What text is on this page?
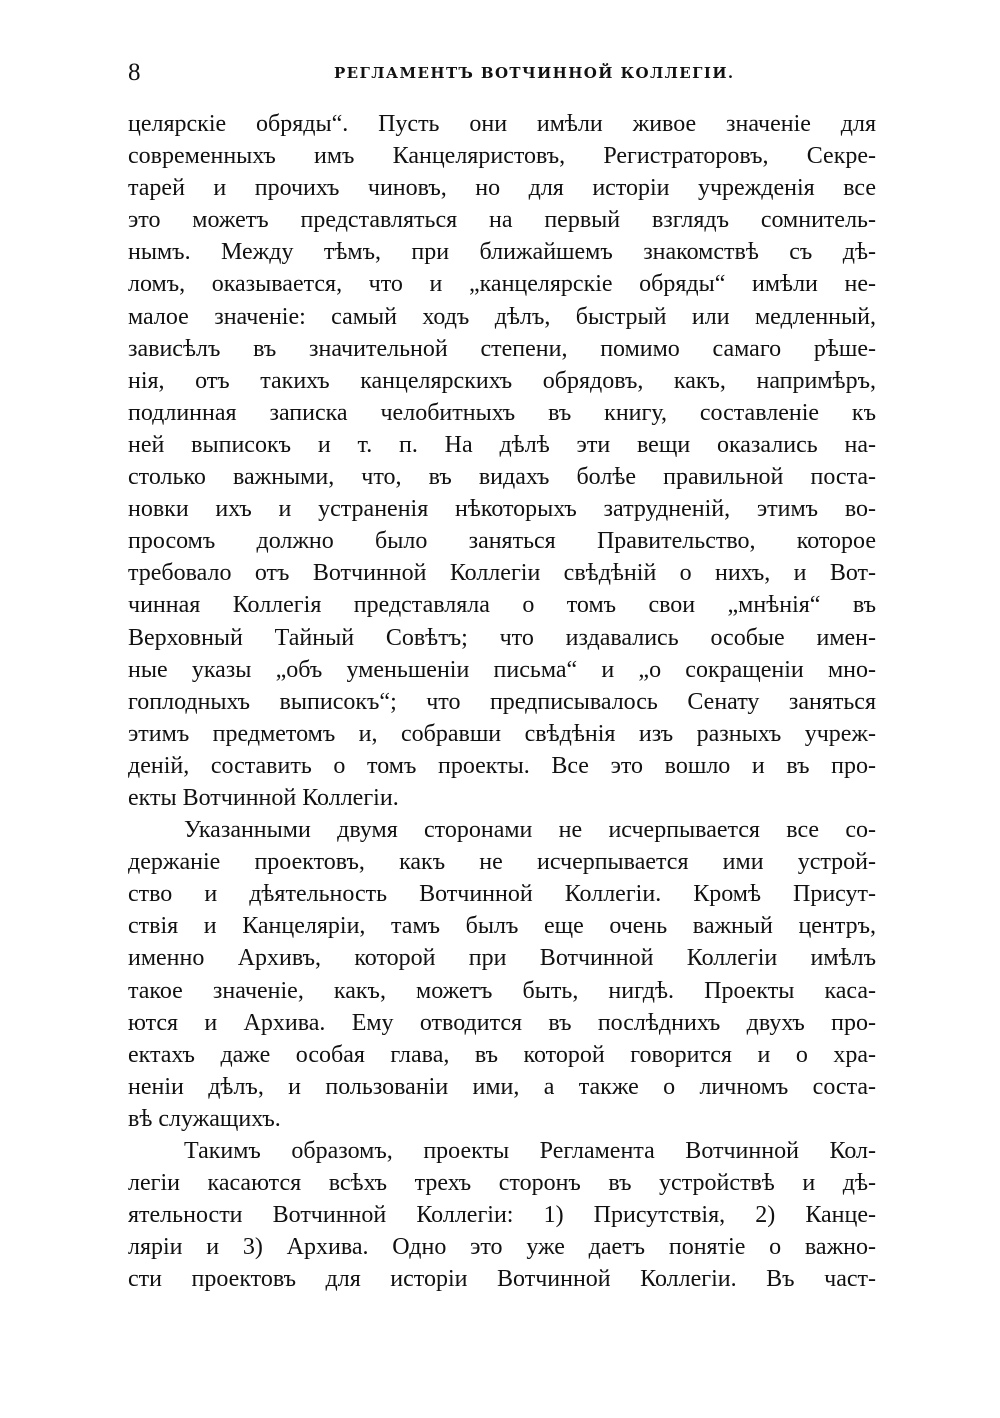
8	РЕГЛАМЕНТЪ ВОТЧИННОЙ КОЛЛЕГІИ.
целярскіе обряды“. Пусть они имѣли живое значеніе для
современныхъ имъ Канцеляристовъ, Регистраторовъ, Секре-
тарей и прочихъ чиновъ, но для исторіи учрежденія все
это можетъ представляться на первый взглядъ сомнитель-
нымъ. Между тѣмъ, при ближайшемъ знакомствѣ съ дѣ-
ломъ, оказывается, что и „канцелярскіе обряды“ имѣли не-
малое значеніе: самый ходъ дѣлъ, быстрый или медленный,
зависѣлъ въ значительной степени, помимо самаго рѣше-
нія, отъ такихъ канцелярскихъ обрядовъ, какъ, напримѣръ,
подлинная записка челобитныхъ въ книгу, составленіе къ
ней выписокъ и т. п. На дѣлѣ эти вещи оказались на-
столько важными, что, въ видахъ болѣе правильной поста-
новки ихъ и устраненія нѣкоторыхъ затрудненій, этимъ во-
просомъ должно было заняться Правительство, которое
требовало отъ Вотчинной Коллегіи свѣдѣній о нихъ, и Вот-
чинная Коллегія представляла о томъ свои „мнѣнія“ въ
Верховный Тайный Совѣтъ; что издавались особые имен-
ные указы „объ уменьшеніи письма“ и „о сокращеніи мно-
гоплодныхъ выписокъ“; что предписывалось Сенату заняться
этимъ предметомъ и, собравши свѣдѣнія изъ разныхъ учреж-
деній, составить о томъ проекты. Все это вошло и въ про-
екты Вотчинной Коллегіи.
Указанными двумя сторонами не исчерпывается все со-
держаніе проектовъ, какъ не исчерпывается ими устрой-
ство и дѣятельность Вотчинной Коллегіи. Кромѣ Присут-
ствія и Канцеляріи, тамъ былъ еще очень важный центръ,
именно Архивъ, которой при Вотчинной Коллегіи имѣлъ
такое значеніе, какъ, можетъ быть, нигдѣ. Проекты каса-
ются и Архива. Ему отводится въ послѣднихъ двухъ про-
ектахъ даже особая глава, въ которой говорится и о хра-
неніи дѣлъ, и пользованіи ими, а также о личномъ соста-
вѣ служащихъ.
Такимъ образомъ, проекты Регламента Вотчинной Кол-
легіи касаются всѣхъ трехъ сторонъ въ устройствѣ и дѣ-
ятельности Вотчинной Коллегіи: 1) Присутствія, 2) Канце-
ляріи и 3) Архива. Одно это уже даетъ понятіе о важно-
сти проектовъ для исторіи Вотчинной Коллегіи. Въ част-
